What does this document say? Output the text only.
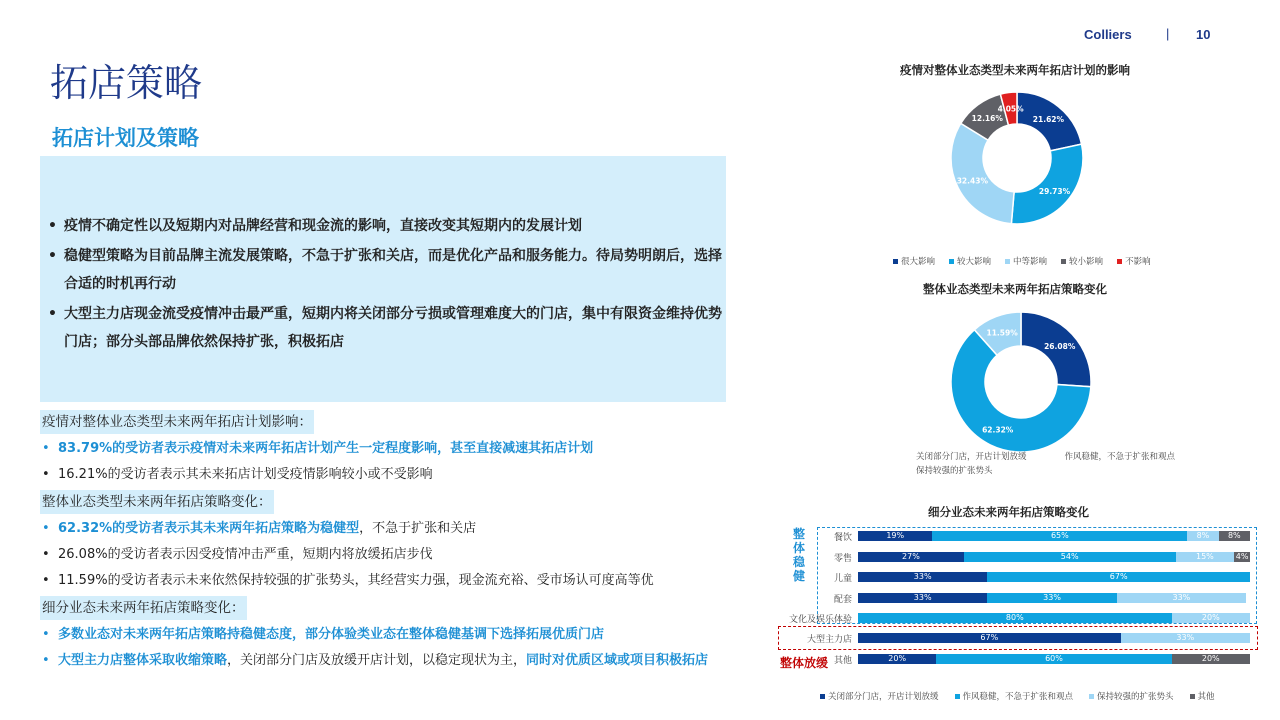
Colliers	| 10
拓店策略
拓店计划及策略
• 疫情不确定性以及短期内对品牌经营和现金流的影响，直接改变其短期内的发展计划
• 稳健型策略为目前品牌主流发展策略，不急于扩张和关店，而是优化产品和服务能力。待局势明朗后，选择合适的时机再行动
• 大型主力店现金流受疫情冲击最严重，短期内将关闭部分亏损或管理难度大的门店，集中有限资金维持优势门店；部分头部品牌依然保持扩张，积极拓店
疫情对整体业态类型未来两年拓店计划影响：
• 83.79%的受访者表示疫情对未来两年拓店计划产生一定程度影响，甚至直接减速其拓店计划
• 16.21%的受访者表示其未来拓店计划受疫情影响较小或不受影响
整体业态类型未来两年拓店策略变化：
• 62.32%的受访者表示其未来两年拓店策略为稳健型，不急于扩张和关店
• 26.08%的受访者表示因受疫情冲击严重，短期内将放缓拓店步伐
• 11.59%的受访者表示未来依然保持较强的扩张势头，其经营实力强，现金流充裕、受市场认可度高等优
细分业态未来两年拓店策略变化：
• 多数业态对未来两年拓店策略持稳健态度，部分体验类业态在整体稳健基调下选择拓展优质门店
• 大型主力店整体采取收缩策略，关闭部分门店及放缓开店计划，以稳定现状为主，同时对优质区域或项目积极拓店
疫情对整体业态类型未来两年拓店计划的影响
21.62%
29.73%
32.43%
12.16%
4.05%
很大影响	较大影响	中等影响	较小影响	不影响
整体业态类型未来两年拓店策略变化
26.08%
62.32%
11.59%
关闭部分门店，开店计划放缓	作风稳健，不急于扩张和观点保持较强的扩张势头
细分业态未来两年拓店策略变化
整
体
稳
健
整体放缓
餐饮	19%	65%	8%	8%
零售	27%	54%	15%	4%
儿童	33%	67%
配套	33%	33%	33%
文化及娱乐体验	80%	20%
大型主力店	67%	33%
其他	20%	60%	20%
关闭部分门店，开店计划放缓	作风稳健，不急于扩张和观点	保持较强的扩张势头	其他
